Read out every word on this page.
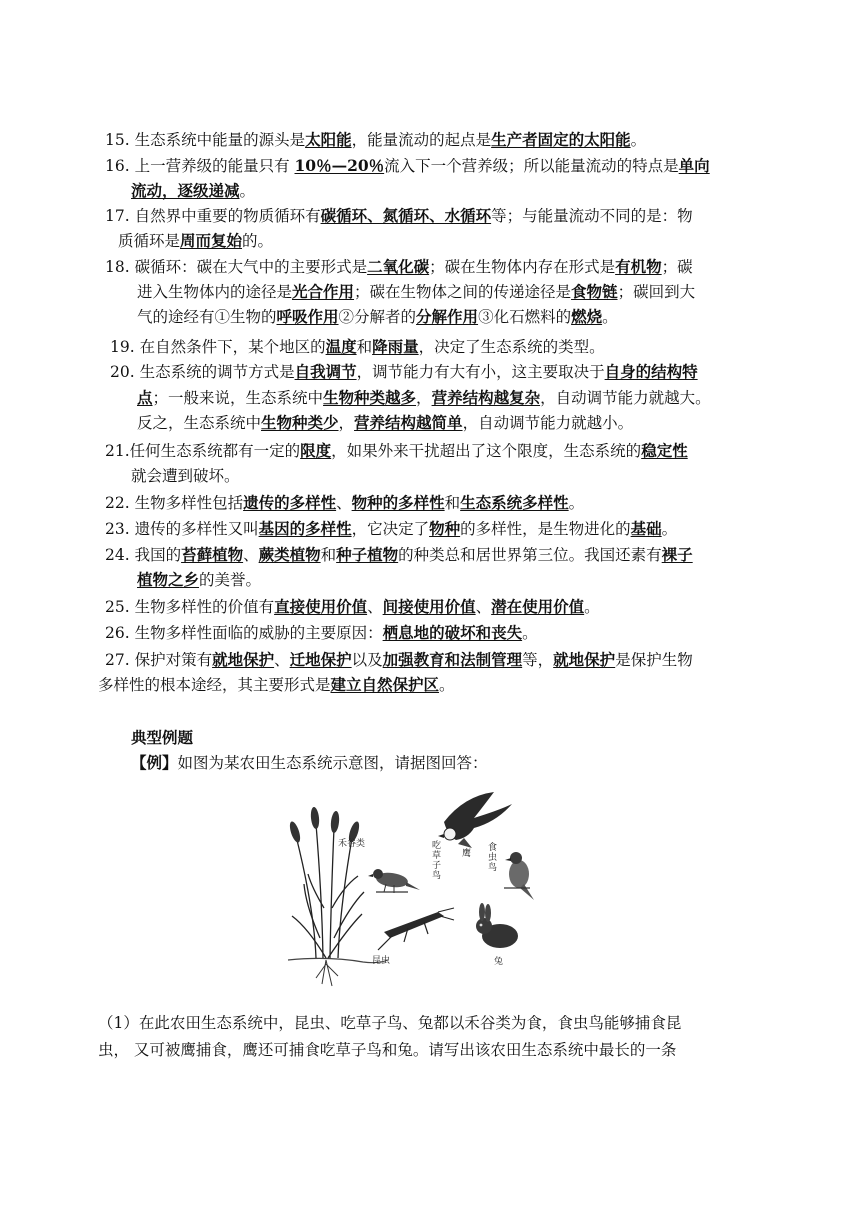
15. 生态系统中能量的源头是太阳能，能量流动的起点是生产者固定的太阳能。
16. 上一营养级的能量只有 10％—20％流入下一个营养级；所以能量流动的特点是单向
流动，逐级递减。
17. 自然界中重要的物质循环有碳循环、氮循环、水循环等；与能量流动不同的是：物
质循环是周而复始的。
18. 碳循环：碳在大气中的主要形式是二氧化碳；碳在生物体内存在形式是有机物；碳
进入生物体内的途径是光合作用；碳在生物体之间的传递途径是食物链；碳回到大
气的途经有①生物的呼吸作用②分解者的分解作用③化石燃料的燃烧。
19. 在自然条件下，某个地区的温度和降雨量，决定了生态系统的类型。
20. 生态系统的调节方式是自我调节，调节能力有大有小，这主要取决于自身的结构特
点；一般来说，生态系统中生物种类越多，营养结构越复杂，自动调节能力就越大。
反之，生态系统中生物种类少，营养结构越简单，自动调节能力就越小。
21.任何生态系统都有一定的限度，如果外来干扰超出了这个限度，生态系统的稳定性
就会遭到破坏。
22. 生物多样性包括遗传的多样性、物种的多样性和生态系统多样性。
23. 遗传的多样性又叫基因的多样性，它决定了物种的多样性，是生物进化的基础。
24. 我国的苔藓植物、蕨类植物和种子植物的种类总和居世界第三位。我国还素有裸子
植物之乡的美誉。
25. 生物多样性的价值有直接使用价值、间接使用价值、潜在使用价值。
26. 生物多样性面临的威胁的主要原因：栖息地的破坏和丧失。
27. 保护对策有就地保护、迁地保护以及加强教育和法制管理等，就地保护是保护生物
多样性的根本途经，其主要形式是建立自然保护区。
典型例题
【例】如图为某农田生态系统示意图，请据图回答：
（1）在此农田生态系统中，昆虫、吃草子鸟、兔都以禾谷类为食，食虫鸟能够捕食昆
虫， 又可被鹰捕食，鹰还可捕食吃草子鸟和兔。请写出该农田生态系统中最长的一条
禾谷类
鹰
昆虫	兔
吃草子鸟
食虫鸟
